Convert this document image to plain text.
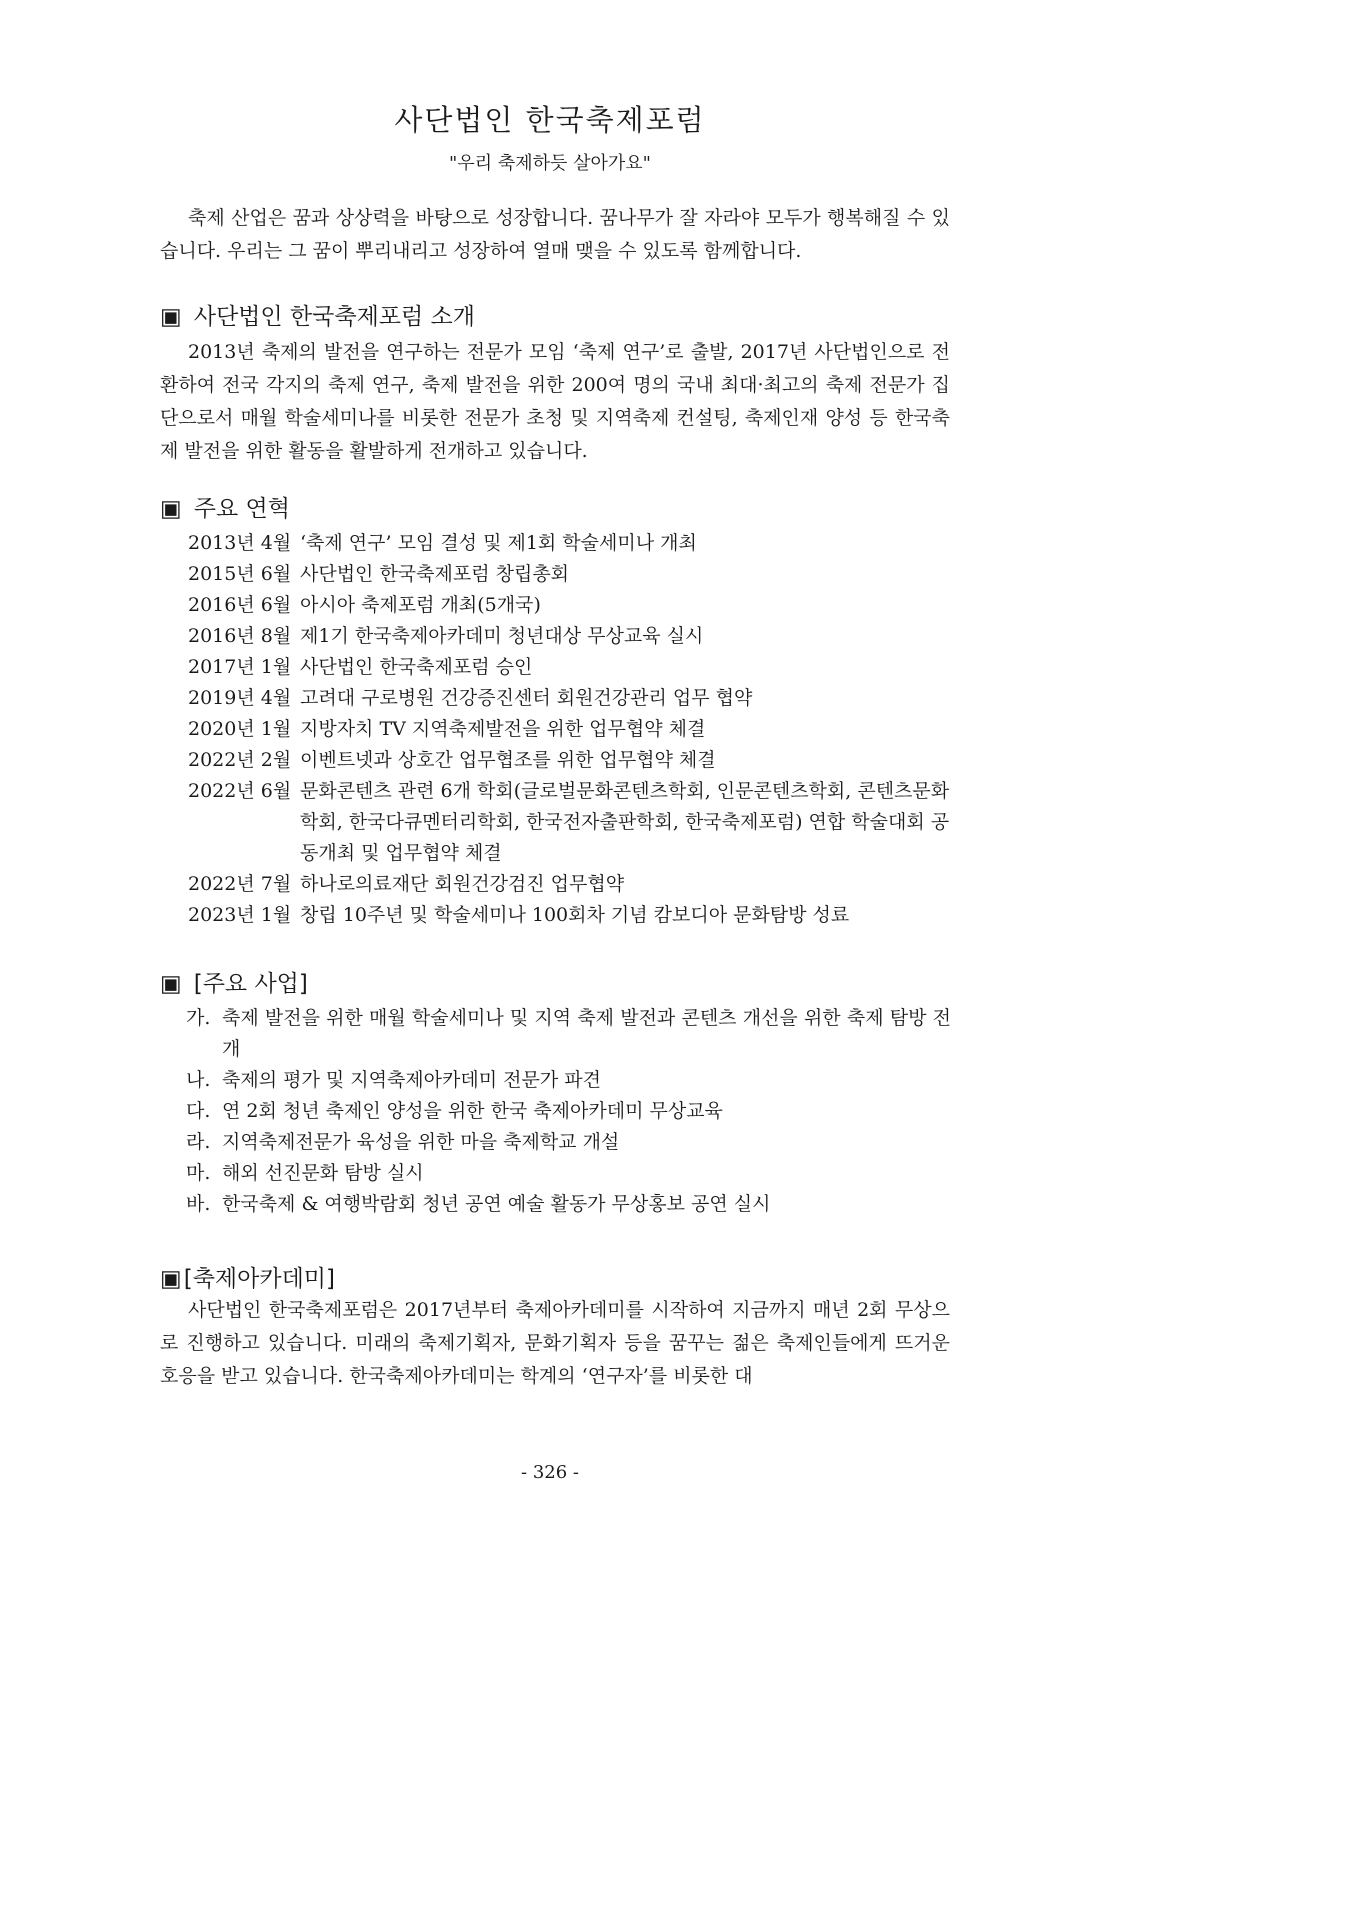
사단법인 한국축제포럼
"우리 축제하듯 살아가요"

축제 산업은 꿈과 상상력을 바탕으로 성장합니다. 꿈나무가 잘 자라야 모두가 행복해질 수 있습니다. 우리는 그 꿈이 뿌리내리고 성장하여 열매 맺을 수 있도록 함께합니다.

▣ 사단법인 한국축제포럼 소개

2013년 축제의 발전을 연구하는 전문가 모임 ‘축제 연구’로 출발, 2017년 사단법인으로 전환하여 전국 각지의 축제 연구, 축제 발전을 위한 200여 명의 국내 최대·최고의 축제 전문가 집단으로서 매월 학술세미나를 비롯한 전문가 초청 및 지역축제 컨설팅, 축제인재 양성 등 한국축제 발전을 위한 활동을 활발하게 전개하고 있습니다.

▣ 주요 연혁
2013년 4월 ‘축제 연구’ 모임 결성 및 제1회 학술세미나 개최
2015년 6월 사단법인 한국축제포럼 창립총회
2016년 6월 아시아 축제포럼 개최(5개국)
2016년 8월 제1기 한국축제아카데미 청년대상 무상교육 실시
2017년 1월 사단법인 한국축제포럼 승인
2019년 4월 고려대 구로병원 건강증진센터 회원건강관리 업무 협약
2020년 1월 지방자치 TV 지역축제발전을 위한 업무협약 체결
2022년 2월 이벤트넷과 상호간 업무협조를 위한 업무협약 체결
2022년 6월 문화콘텐츠 관련 6개 학회(글로벌문화콘텐츠학회, 인문콘텐츠학회, 콘텐츠문화학회, 한국다큐멘터리학회, 한국전자출판학회, 한국축제포럼) 연합 학술대회 공동개최 및 업무협약 체결
2022년 7월 하나로의료재단 회원건강검진 업무협약
2023년 1월 창립 10주년 및 학술세미나 100회차 기념 캄보디아 문화탐방 성료
▣ [주요 사업]
가. 축제 발전을 위한 매월 학술세미나 및 지역 축제 발전과 콘텐츠 개선을 위한 축제 탐방 전개
나. 축제의 평가 및 지역축제아카데미 전문가 파견
다. 연 2회 청년 축제인 양성을 위한 한국 축제아카데미 무상교육
라. 지역축제전문가 육성을 위한 마을 축제학교 개설
마. 해외 선진문화 탐방 실시
바. 한국축제 & 여행박람회 청년 공연 예술 활동가 무상홍보 공연 실시
▣[축제아카데미]

사단법인 한국축제포럼은 2017년부터 축제아카데미를 시작하여 지금까지 매년 2회 무상으로 진행하고 있습니다. 미래의 축제기획자, 문화기획자 등을 꿈꾸는 젊은 축제인들에게 뜨거운 호응을 받고 있습니다. 한국축제아카데미는 학계의 ‘연구자’를 비롯한 대

- 326 -
